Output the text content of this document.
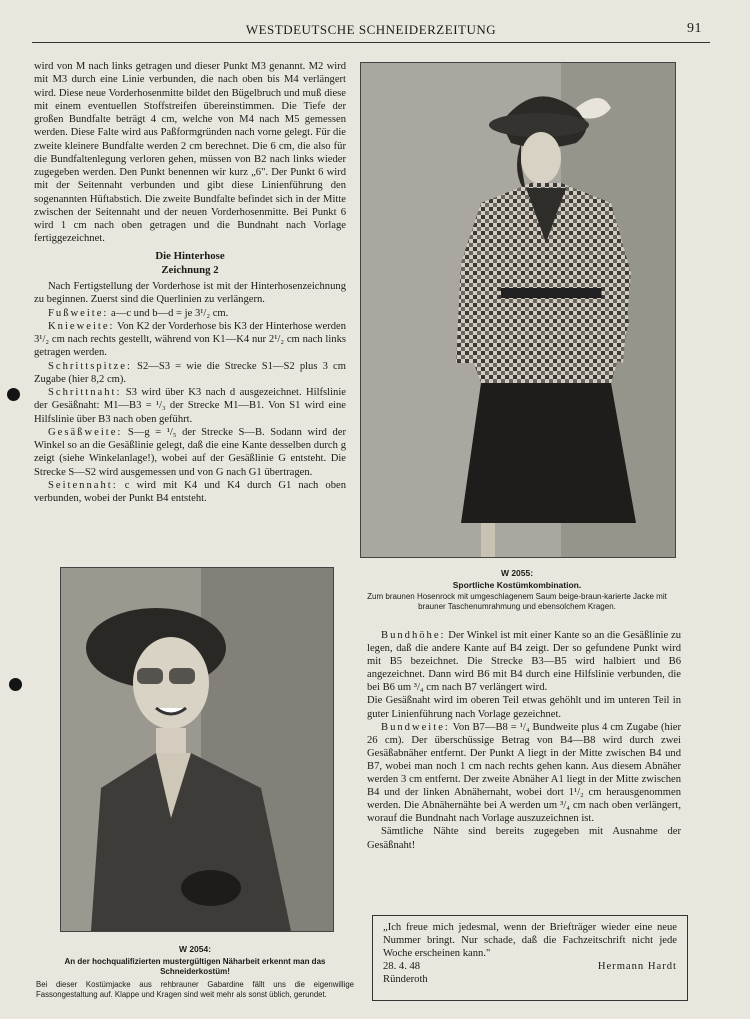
WESTDEUTSCHE SCHNEIDERZEITUNG	91

wird von M nach links getragen und dieser Punkt M3 genannt. M2 wird mit M3 durch eine Linie verbunden, die nach oben bis M4 verlängert wird. Diese neue Vorderhosenmitte bildet den Bügelbruch und muß diese mit einem eventuellen Stoffstreifen übereinstimmen. Die Tiefe der großen Bundfalte beträgt 4 cm, welche von M4 nach M5 gemessen werden. Diese Falte wird aus Paßformgründen nach vorne gelegt. Für die zweite kleinere Bundfalte werden 2 cm berechnet. Die 6 cm, die also für die Bundfaltenlegung verloren gehen, müssen von B2 nach links wieder zugegeben werden. Den Punkt benennen wir kurz „6". Der Punkt 6 wird mit der Seitennaht verbunden und gibt diese Linienführung den sogenannten Hüftabstich. Die zweite Bundfalte befindet sich in der Mitte zwischen der Seitennaht und der neuen Vorderhosenmitte. Bei Punkt 6 wird 1 cm nach oben getragen und die Bundnaht nach Vorlage fertiggezeichnet.

Die Hinterhose
Zeichnung 2

Nach Fertigstellung der Vorderhose ist mit der Hinterhosenzeichnung zu beginnen. Zuerst sind die Querlinien zu verlängern.

Fußweite: a—c und b—d = je 3¹/₂ cm.

Knieweite: Von K2 der Vorderhose bis K3 der Hinterhose werden 3¹/₂ cm nach rechts gestellt, während von K1—K4 nur 2¹/₂ cm nach links getragen werden.

Schrittspitze: S2—S3 = wie die Strecke S1—S2 plus 3 cm Zugabe (hier 8,2 cm).

Schrittnaht: S3 wird über K3 nach d ausgezeichnet. Hilfslinie der Gesäßnaht: M1—B3 = ¹/₃ der Strecke M1—B1. Von S1 wird eine Hilfslinie über B3 nach oben geführt.

Gesäßweite: S—g = ¹/₅ der Strecke S—B. Sodann wird der Winkel so an die Gesäßlinie gelegt, daß die eine Kante desselben durch g zeigt (siehe Winkelanlage!), wobei auf der Gesäßlinie G entsteht. Die Strecke S—S2 wird ausgemessen und von G nach G1 übertragen.

Seitennaht: c wird mit K4 und K4 durch G1 nach oben verbunden, wobei der Punkt B4 entsteht.

W 2055:
Sportliche Kostümkombination.
Zum braunen Hosenrock mit umgeschlagenem Saum beige-braun-karierte Jacke mit brauner Taschenumrahmung und ebensolchem Kragen.
W 2054:
An der hochqualifizierten mustergültigen Näharbeit erkennt man das Schneiderkostüm!
Bei dieser Kostümjacke aus rehbrauner Gabardine fällt uns die eigenwillige Fassongestaltung auf. Klappe und Kragen sind weit mehr als sonst üblich, gerundet.

Bundhöhe: Der Winkel ist mit einer Kante so an die Gesäßlinie zu legen, daß die andere Kante auf B4 zeigt. Der so gefundene Punkt wird mit B5 bezeichnet. Die Strecke B3—B5 wird halbiert und B6 angezeichnet. Dann wird B6 mit B4 durch eine Hilfslinie verbunden, die bei B6 um ³/₄ cm nach B7 verlängert wird.

Die Gesäßnaht wird im oberen Teil etwas gehöhlt und im unteren Teil in guter Linienführung nach Vorlage gezeichnet.

Bundweite: Von B7—B8 = ¹/₄ Bundweite plus 4 cm Zugabe (hier 26 cm). Der überschüssige Betrag von B4—B8 wird durch zwei Gesäßabnäher entfernt. Der Punkt A liegt in der Mitte zwischen B4 und B7, wobei man noch 1 cm nach rechts gehen kann. Aus diesem Abnäher werden 3 cm entfernt. Der zweite Abnäher A1 liegt in der Mitte zwischen B4 und der linken Abnähernaht, wobei dort 1¹/₂ cm herausgenommen werden. Die Abnähernähte bei A werden um ³/₄ cm nach oben verlängert, worauf die Bundnaht nach Vorlage auszuzeichnen ist.

Sämtliche Nähte sind bereits zugegeben mit Ausnahme der Gesäßnaht!

„Ich freue mich jedesmal, wenn der Briefträger wieder eine neue Nummer bringt. Nur schade, daß die Fachzeitschrift nicht jede Woche erscheinen kann."
28. 4. 48	Hermann Hardt
Ründeroth
